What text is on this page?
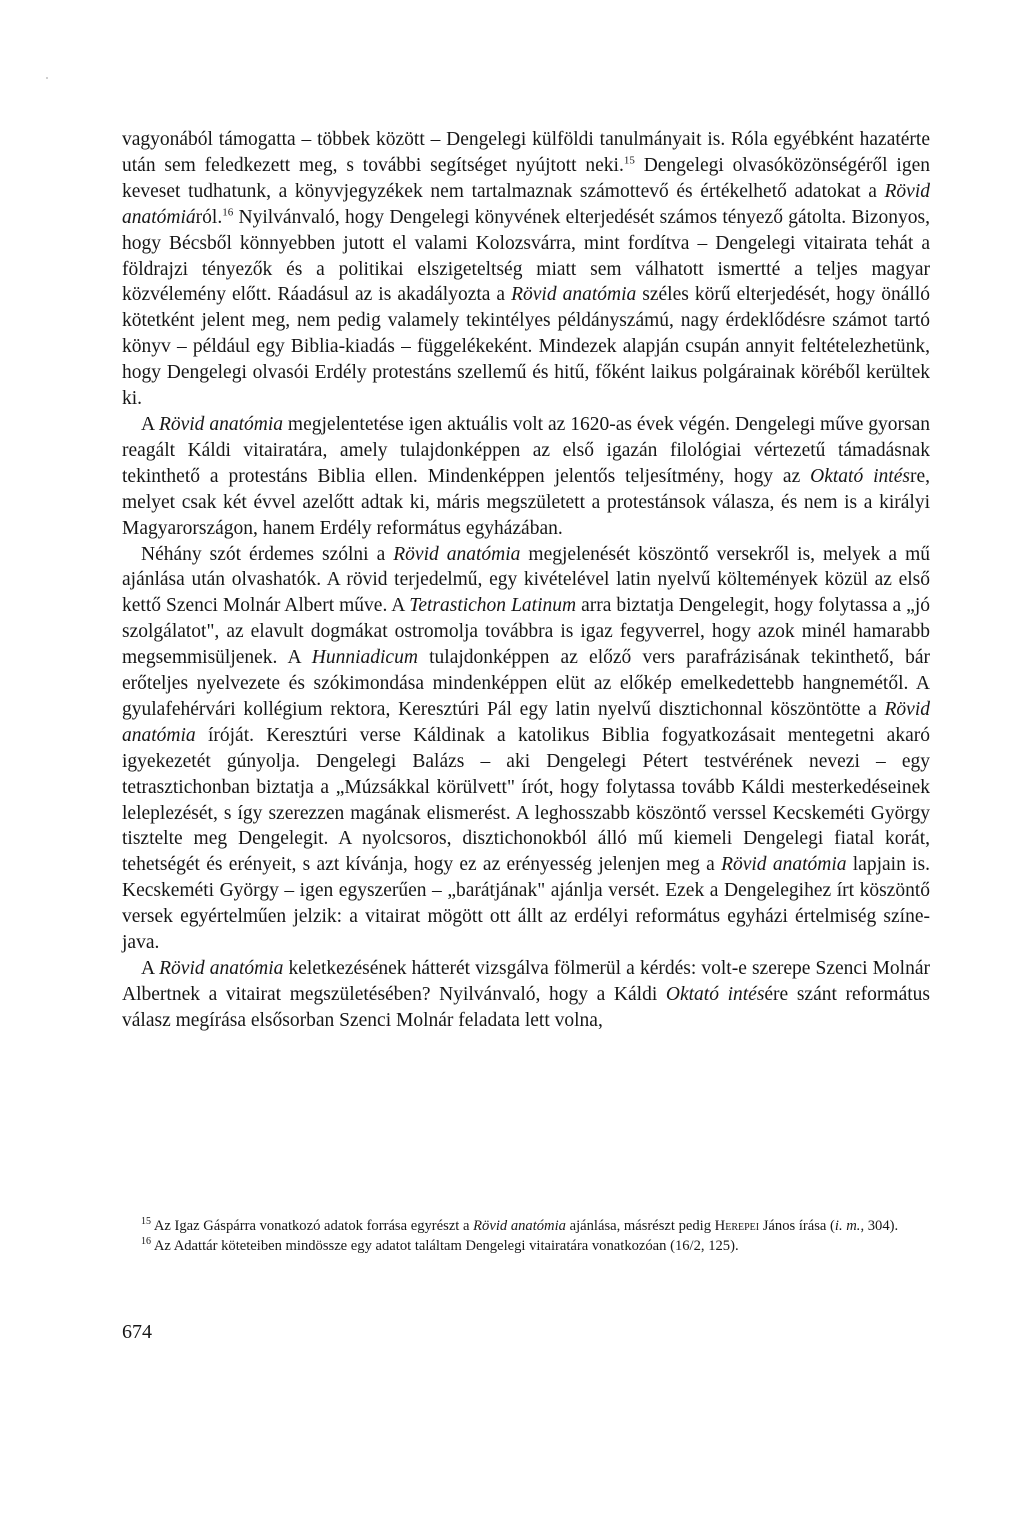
vagyonából támogatta – többek között – Dengelegi külföldi tanulmányait is. Róla egyébként hazatérte után sem feledkezett meg, s további segítséget nyújtott neki.$^{15}$ Dengelegi olvasóközönségéről igen keveset tudhatunk, a könyvjegyzékek nem tartalmaznak számottevő és értékelhető adatokat a Rövid anatómiáról.$^{16}$ Nyilvánvaló, hogy Dengelegi könyvének elterjedését számos tényező gátolta. Bizonyos, hogy Bécsből könnyebben jutott el valami Kolozsvárra, mint fordítva – Dengelegi vitairata tehát a földrajzi tényezők és a politikai elszigeteltség miatt sem válhatott ismertté a teljes magyar közvélemény előtt. Ráadásul az is akadályozta a Rövid anatómia széles körű elterjedését, hogy önálló kötetként jelent meg, nem pedig valamely tekintélyes példányszámú, nagy érdeklődésre számot tartó könyv – például egy Biblia-kiadás – függelékeként. Mindezek alapján csupán annyit feltételezhetünk, hogy Dengelegi olvasói Erdély protestáns szellemű és hitű, főként laikus polgárainak köréből kerültek ki.

A Rövid anatómia megjelentetése igen aktuális volt az 1620-as évek végén. Dengelegi műve gyorsan reagált Káldi vitairatára, amely tulajdonképpen az első igazán filológiai vértezetű támadásnak tekinthető a protestáns Biblia ellen. Mindenképpen jelentős teljesítmény, hogy az Oktató intésre, melyet csak két évvel azelőtt adtak ki, máris megszületett a protestánsok válasza, és nem is a királyi Magyarországon, hanem Erdély református egyházában.

Néhány szót érdemes szólni a Rövid anatómia megjelenését köszöntő versekről is, melyek a mű ajánlása után olvashatók. A rövid terjedelmű, egy kivételével latin nyelvű költemények közül az első kettő Szenci Molnár Albert műve. A Tetrastichon Latinum arra biztatja Dengelegit, hogy folytassa a „jó szolgálatot", az elavult dogmákat ostromolja továbbra is igaz fegyverrel, hogy azok minél hamarabb megsemmisüljenek. A Hunniadicum tulajdonképpen az előző vers parafrázisának tekinthető, bár erőteljes nyelvezete és szókimondása mindenképpen elüt az előkép emelkedettebb hangnemétől. A gyulafehérvári kollégium rektora, Keresztúri Pál egy latin nyelvű disztichonnal köszöntötte a Rövid anatómia íróját. Keresztúri verse Káldinak a katolikus Biblia fogyatkozásait mentegetni akaró igyekezetét gúnyolja. Dengelegi Balázs – aki Dengelegi Pétert testvérének nevezi – egy tetrasztichonban biztatja a „Múzsákkal körülvett" írót, hogy folytassa tovább Káldi mesterkedéseinek leleplezését, s így szerezzen magának elismerést. A leghosszabb köszöntő verssel Kecskeméti György tisztelte meg Dengelegit. A nyolcsoros, disztichonokból álló mű kiemeli Dengelegi fiatal korát, tehetségét és erényeit, s azt kívánja, hogy ez az erényesség jelenjen meg a Rövid anatómia lapjain is. Kecskeméti György – igen egyszerűen – „barátjának" ajánlja versét. Ezek a Dengelegihez írt köszöntő versek egyértelműen jelzik: a vitairat mögött ott állt az erdélyi református egyházi értelmiség színe-java.

A Rövid anatómia keletkezésének hátterét vizsgálva fölmerül a kérdés: volt-e szerepe Szenci Molnár Albertnek a vitairat megszületésében? Nyilvánvaló, hogy a Káldi Oktató intésére szánt református válasz megírása elsősorban Szenci Molnár feladata lett volna,

$^{15}$ Az Igaz Gáspárra vonatkozó adatok forrása egyrészt a Rövid anatómia ajánlása, másrészt pedig Herepei János írása (i. m., 304).

$^{16}$ Az Adattár köteteiben mindössze egy adatot találtam Dengelegi vitairatára vonatkozóan (16/2, 125).

674
